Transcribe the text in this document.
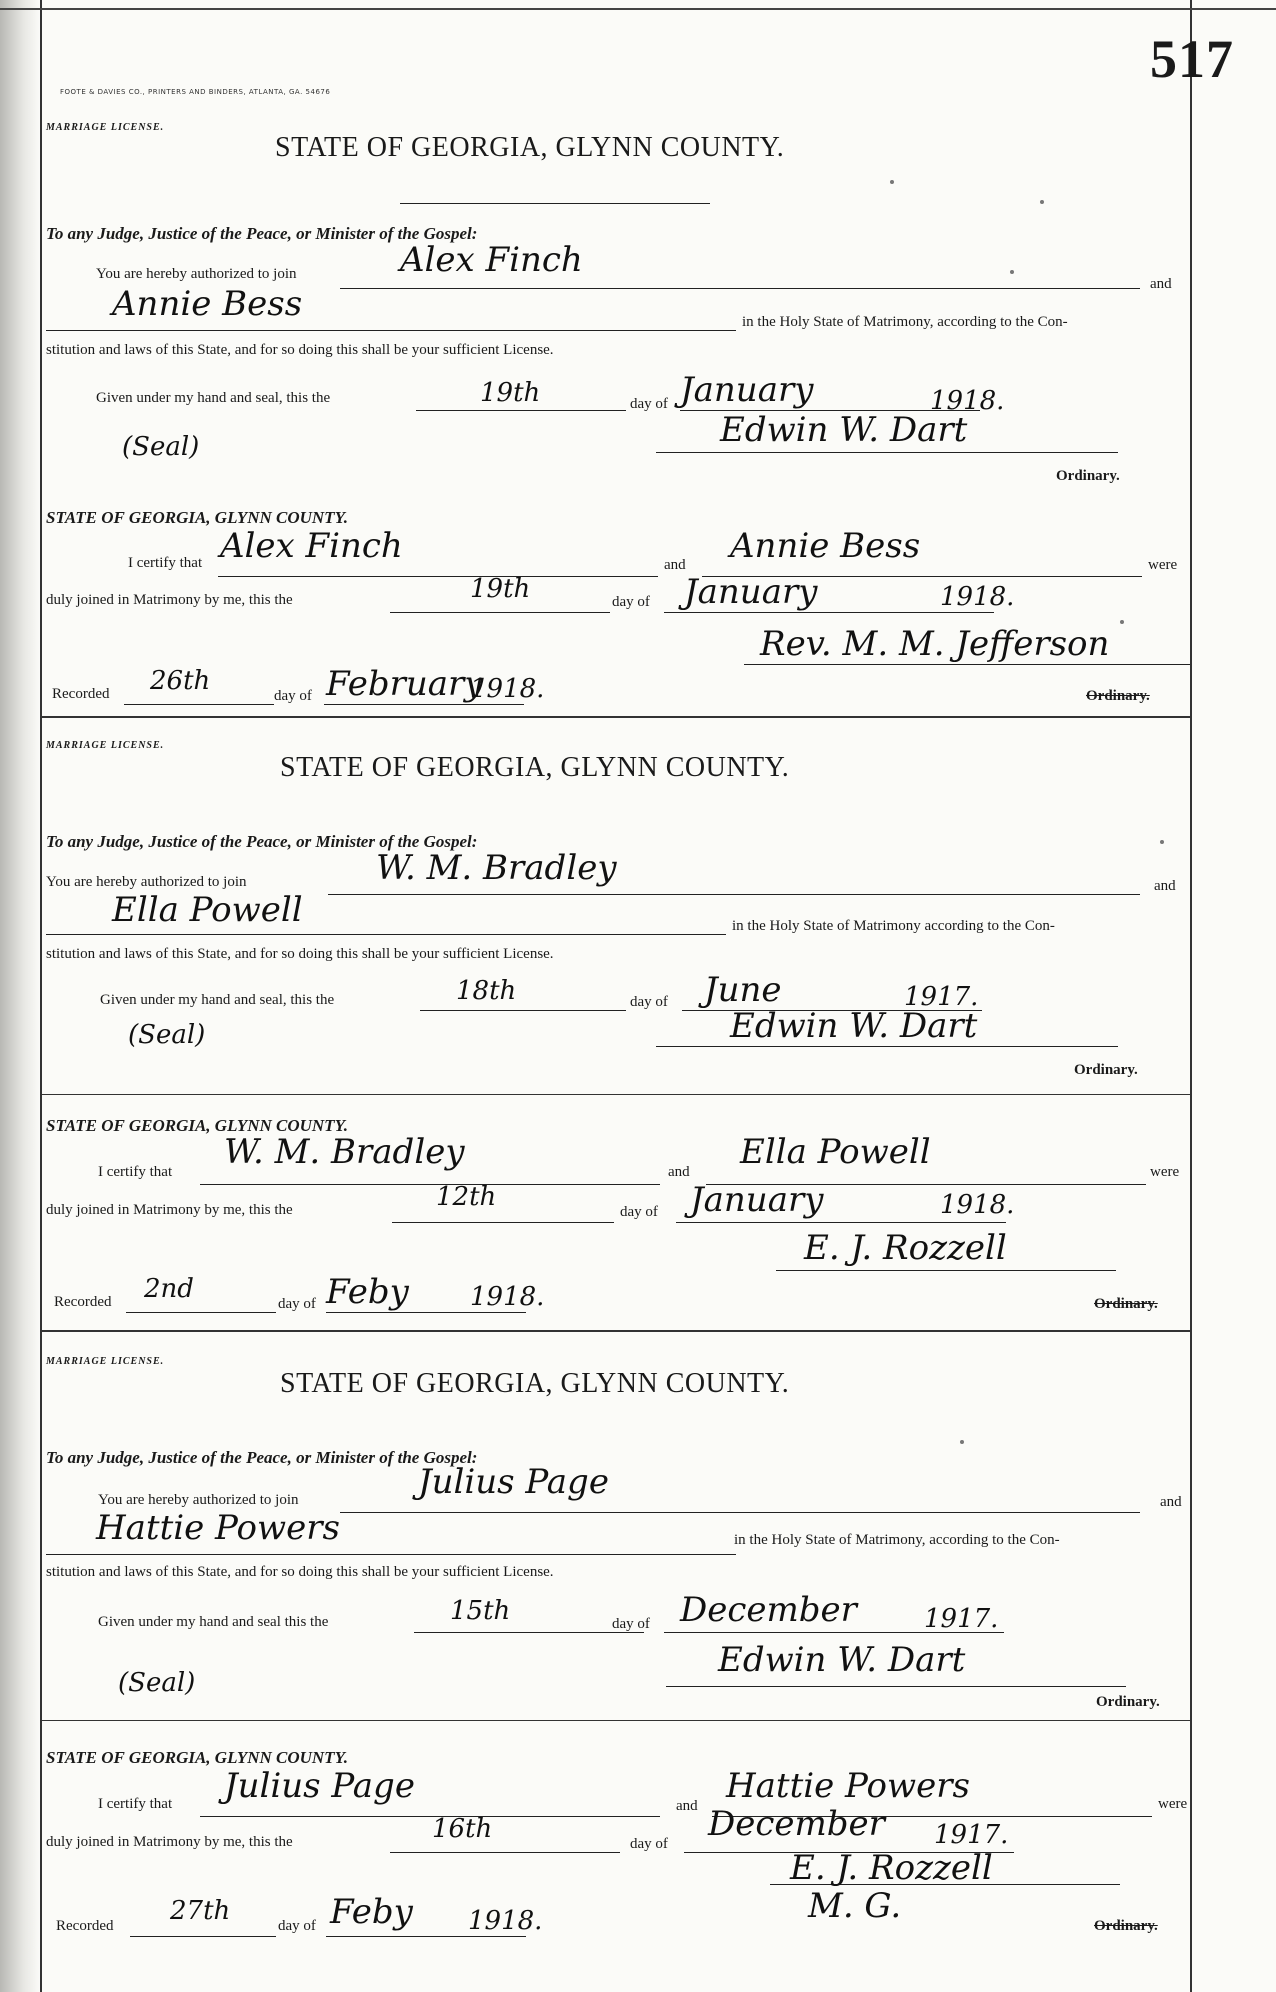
517
FOOTE & DAVIES CO., PRINTERS AND BINDERS, ATLANTA, GA. 54676
MARRIAGE LICENSE.
STATE OF GEORGIA, GLYNN COUNTY.
To any Judge, Justice of the Peace, or Minister of the Gospel:
You are hereby authorized to join	Alex Finch
and
Annie Bess	in the Holy State of Matrimony, according to the Con-
stitution and laws of this State, and for so doing this shall be your sufficient License.
Given under my hand and seal, this the	19th	day of January	1918.
(Seal)	Edwin W. Dart
Ordinary.
STATE OF GEORGIA, GLYNN COUNTY.
I certify that Alex Finch	and Annie Bess	were
duly joined in Matrimony by me, this the	19th	day of January	1918.
Rev. M. M. Jefferson
Recorded 26th	day of February
1918.	Ordinary.
MARRIAGE LICENSE.
STATE OF GEORGIA, GLYNN COUNTY.
To any Judge, Justice of the Peace, or Minister of the Gospel:
You are hereby authorized to join	W. M. Bradley	and
Ella Powell	in the Holy State of Matrimony according to the Con-
stitution and laws of this State, and for so doing this shall be your sufficient License.
Given under my hand and seal, this the	18th	day of June	1917.
(Seal)	Edwin W. Dart
Ordinary.
STATE OF GEORGIA, GLYNN COUNTY.
I certify that W. M. Bradley	and Ella Powell	were
duly joined in Matrimony by me, this the	12th	day of January	1918.
E. J. Rozzell
Recorded 2nd	day of Feby 1918.	Ordinary.
MARRIAGE LICENSE.
STATE OF GEORGIA, GLYNN COUNTY.
To any Judge, Justice of the Peace, or Minister of the Gospel:
You are hereby authorized to join	Julius Page	and
Hattie Powers	in the Holy State of Matrimony, according to the Con-
stitution and laws of this State, and for so doing this shall be your sufficient License.
Given under my hand and seal this the	15th	day of December	1917.
(Seal)
Edwin W. Dart
Ordinary.
STATE OF GEORGIA, GLYNN COUNTY.
I certify that Julius Page	and Hattie Powers	were
duly joined in Matrimony by me, this the	16th	day of December 1917.
E. J. Rozzell
M. G.
Recorded 27th	day of Feby 1918.	Ordinary.
